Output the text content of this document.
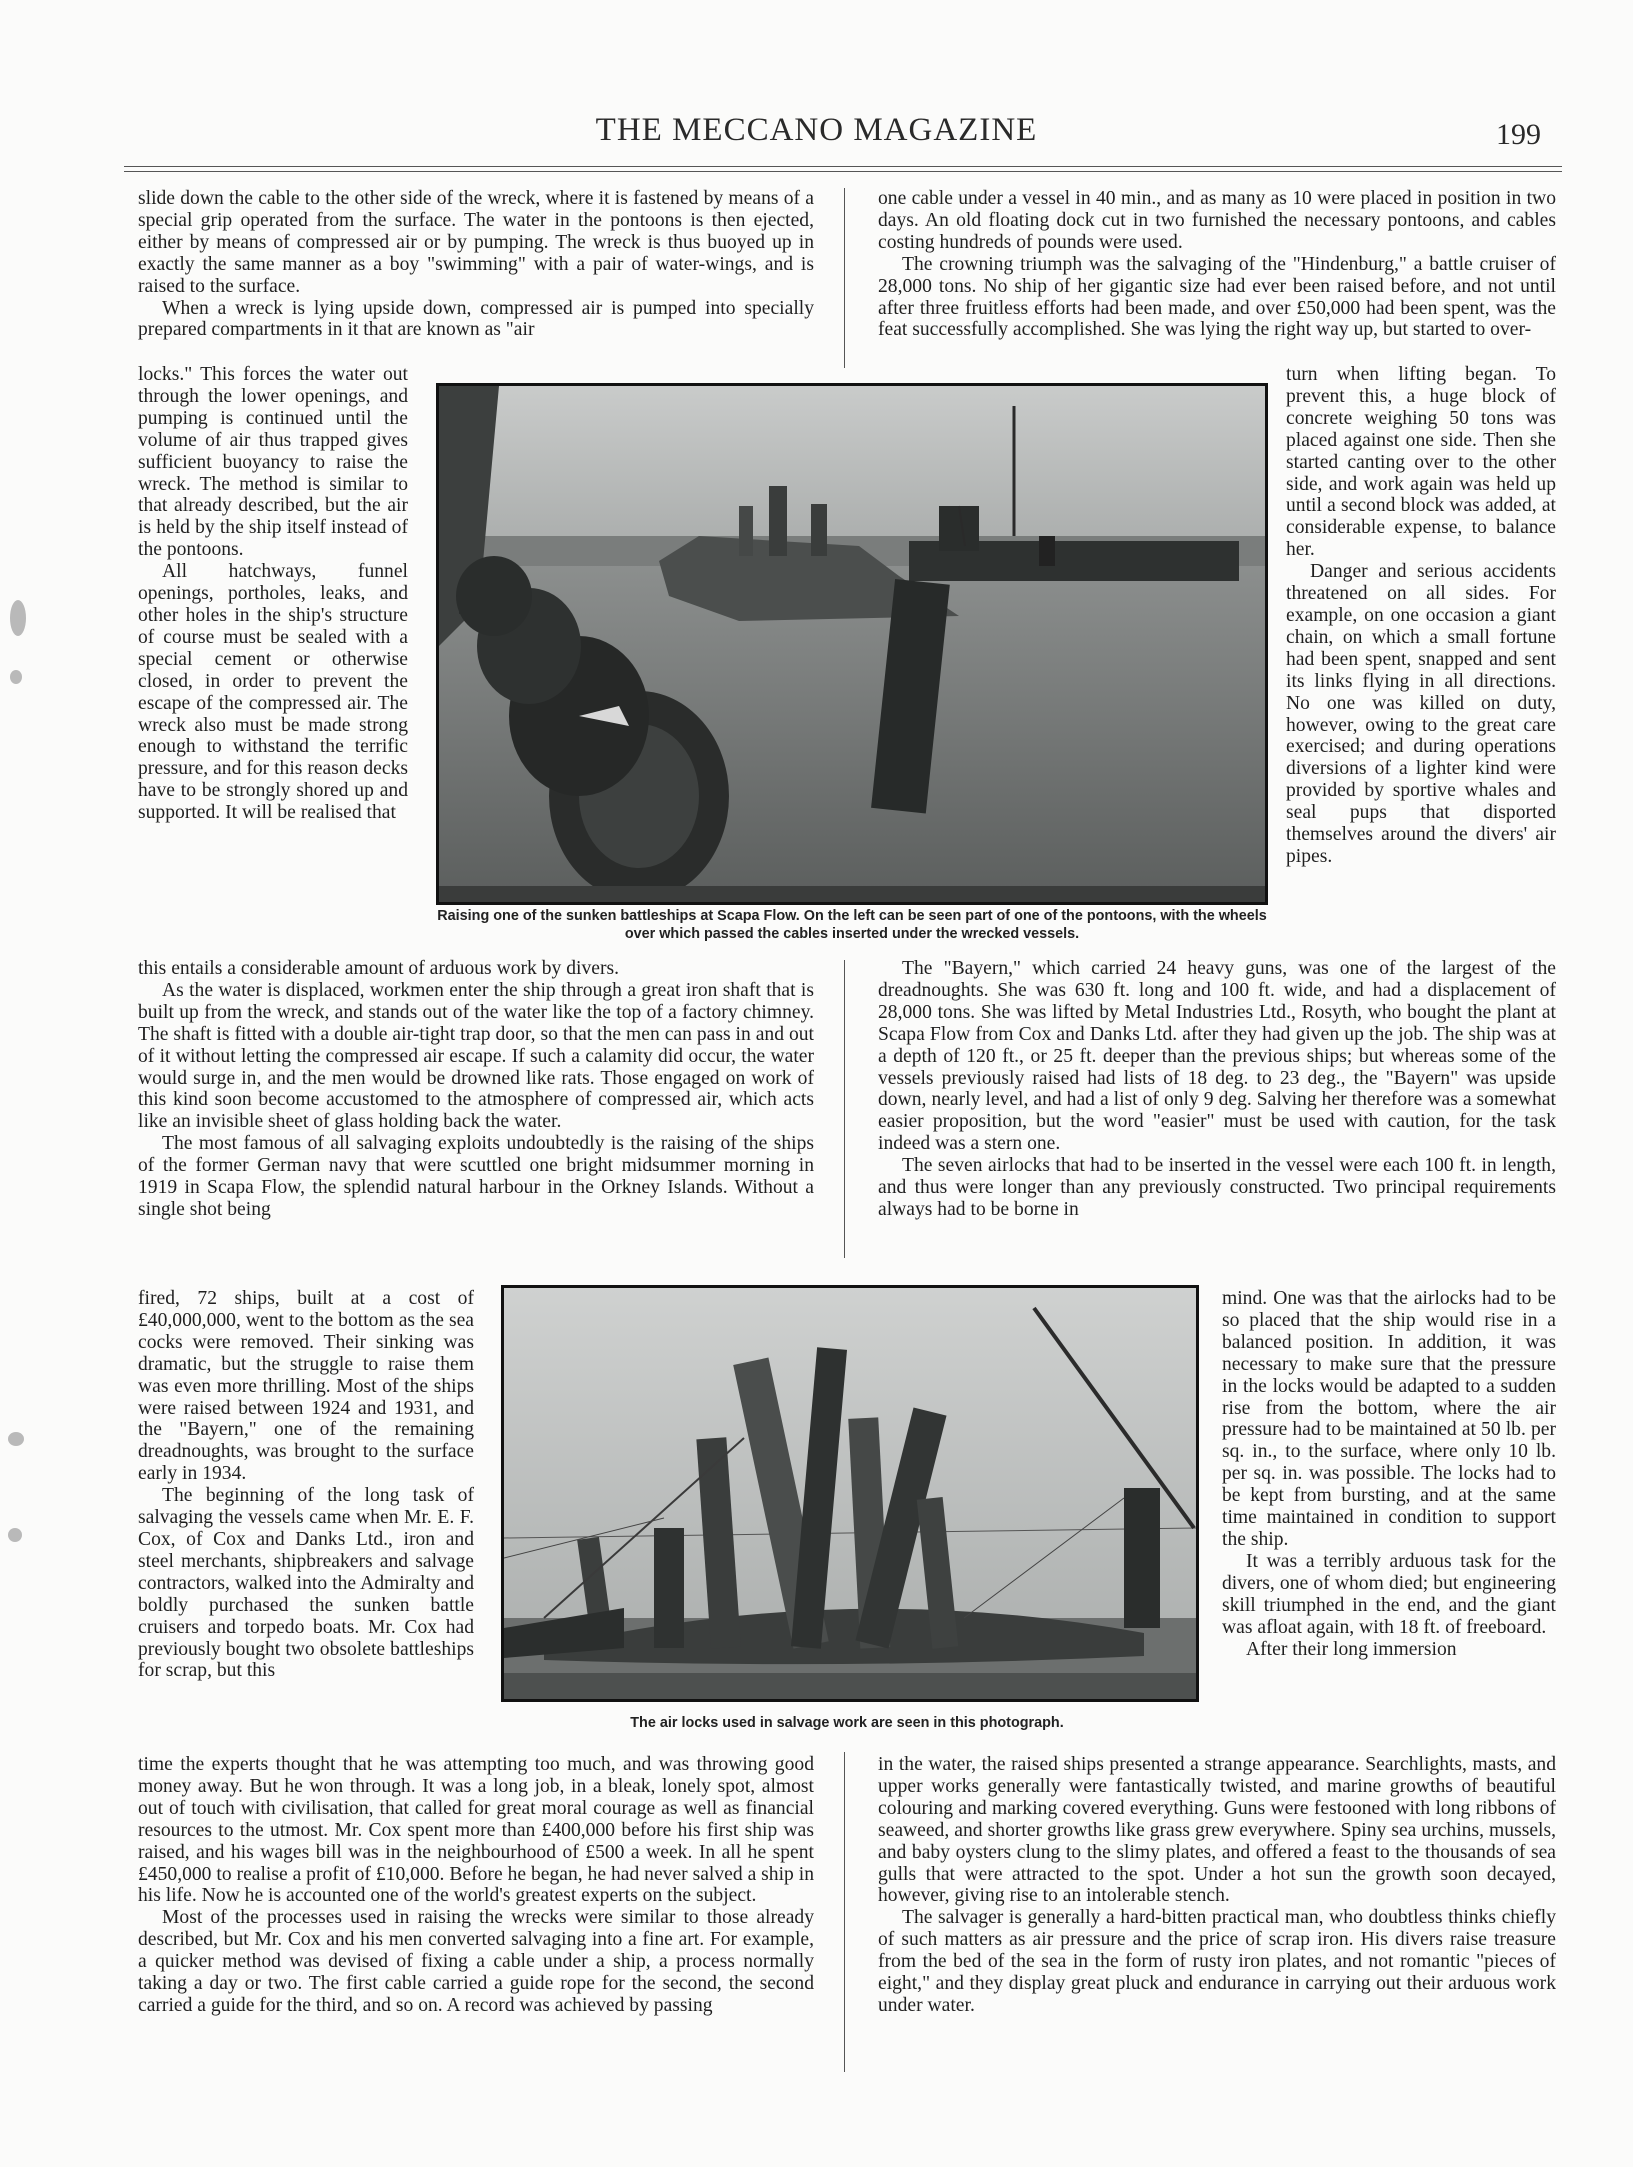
THE MECCANO MAGAZINE	199

slide down the cable to the other side of the wreck, where it is fastened by means of a special grip operated from the surface. The water in the pontoons is then ejected, either by means of compressed air or by pumping. The wreck is thus buoyed up in exactly the same manner as a boy "swimming" with a pair of water-wings, and is raised to the surface.

When a wreck is lying upside down, compressed air is pumped into specially prepared compartments in it that are known as "air

locks." This forces the water out through the lower openings, and pumping is continued until the volume of air thus trapped gives sufficient buoyancy to raise the wreck. The method is similar to that already described, but the air is held by the ship itself instead of the pontoons.

All hatchways, funnel openings, portholes, leaks, and other holes in the ship's structure of course must be sealed with a special cement or otherwise closed, in order to prevent the escape of the compressed air. The wreck also must be made strong enough to withstand the terrific pressure, and for this reason decks have to be strongly shored up and supported. It will be realised that

this entails a considerable amount of arduous work by divers.

As the water is displaced, workmen enter the ship through a great iron shaft that is built up from the wreck, and stands out of the water like the top of a factory chimney. The shaft is fitted with a double air-tight trap door, so that the men can pass in and out of it without letting the compressed air escape. If such a calamity did occur, the water would surge in, and the men would be drowned like rats. Those engaged on work of this kind soon become accustomed to the atmosphere of compressed air, which acts like an invisible sheet of glass holding back the water.

The most famous of all salvaging exploits undoubtedly is the raising of the ships of the former German navy that were scuttled one bright midsummer morning in 1919 in Scapa Flow, the splendid natural harbour in the Orkney Islands. Without a single shot being

fired, 72 ships, built at a cost of £40,000,000, went to the bottom as the sea cocks were removed. Their sinking was dramatic, but the struggle to raise them was even more thrilling. Most of the ships were raised between 1924 and 1931, and the "Bayern," one of the remaining dreadnoughts, was brought to the surface early in 1934.

The beginning of the long task of salvaging the vessels came when Mr. E. F. Cox, of Cox and Danks Ltd., iron and steel merchants, shipbreakers and salvage contractors, walked into the Admiralty and boldly purchased the sunken battle cruisers and torpedo boats. Mr. Cox had previously bought two obsolete battleships for scrap, but this

time the experts thought that he was attempting too much, and was throwing good money away. But he won through. It was a long job, in a bleak, lonely spot, almost out of touch with civilisation, that called for great moral courage as well as financial resources to the utmost. Mr. Cox spent more than £400,000 before his first ship was raised, and his wages bill was in the neighbourhood of £500 a week. In all he spent £450,000 to realise a profit of £10,000. Before he began, he had never salved a ship in his life. Now he is accounted one of the world's greatest experts on the subject.

Most of the processes used in raising the wrecks were similar to those already described, but Mr. Cox and his men converted salvaging into a fine art. For example, a quicker method was devised of fixing a cable under a ship, a process normally taking a day or two. The first cable carried a guide rope for the second, the second carried a guide for the third, and so on. A record was achieved by passing

one cable under a vessel in 40 min., and as many as 10 were placed in position in two days. An old floating dock cut in two furnished the necessary pontoons, and cables costing hundreds of pounds were used.

The crowning triumph was the salvaging of the "Hindenburg," a battle cruiser of 28,000 tons. No ship of her gigantic size had ever been raised before, and not until after three fruitless efforts had been made, and over £50,000 had been spent, was the feat successfully accomplished. She was lying the right way up, but started to over-

turn when lifting began. To prevent this, a huge block of concrete weighing 50 tons was placed against one side. Then she started canting over to the other side, and work again was held up until a second block was added, at considerable expense, to balance her.

Danger and serious accidents threatened on all sides. For example, on one occasion a giant chain, on which a small fortune had been spent, snapped and sent its links flying in all directions. No one was killed on duty, however, owing to the great care exercised; and during operations diversions of a lighter kind were provided by sportive whales and seal pups that disported themselves around the divers' air pipes.

The "Bayern," which carried 24 heavy guns, was one of the largest of the dreadnoughts. She was 630 ft. long and 100 ft. wide, and had a displacement of 28,000 tons. She was lifted by Metal Industries Ltd., Rosyth, who bought the plant at Scapa Flow from Cox and Danks Ltd. after they had given up the job. The ship was at a depth of 120 ft., or 25 ft. deeper than the previous ships; but whereas some of the vessels previously raised had lists of 18 deg. to 23 deg., the "Bayern" was upside down, nearly level, and had a list of only 9 deg. Salving her therefore was a somewhat easier proposition, but the word "easier" must be used with caution, for the task indeed was a stern one.

The seven airlocks that had to be inserted in the vessel were each 100 ft. in length, and thus were longer than any previously constructed. Two principal requirements always had to be borne in

mind. One was that the airlocks had to be so placed that the ship would rise in a balanced position. In addition, it was necessary to make sure that the pressure in the locks would be adapted to a sudden rise from the bottom, where the air pressure had to be maintained at 50 lb. per sq. in., to the surface, where only 10 lb. per sq. in. was possible. The locks had to be kept from bursting, and at the same time maintained in condition to support the ship.

It was a terribly arduous task for the divers, one of whom died; but engineering skill triumphed in the end, and the giant was afloat again, with 18 ft. of freeboard.

After their long immersion

in the water, the raised ships presented a strange appearance. Searchlights, masts, and upper works generally were fantastically twisted, and marine growths of beautiful colouring and marking covered everything. Guns were festooned with long ribbons of seaweed, and shorter growths like grass grew everywhere. Spiny sea urchins, mussels, and baby oysters clung to the slimy plates, and offered a feast to the thousands of sea gulls that were attracted to the spot. Under a hot sun the growth soon decayed, however, giving rise to an intolerable stench.

The salvager is generally a hard-bitten practical man, who doubtless thinks chiefly of such matters as air pressure and the price of scrap iron. His divers raise treasure from the bed of the sea in the form of rusty iron plates, and not romantic "pieces of eight," and they display great pluck and endurance in carrying out their arduous work under water.

Raising one of the sunken battleships at Scapa Flow. On the left can be seen part of one of the pontoons, with the wheels over which passed the cables inserted under the wrecked vessels.
The air locks used in salvage work are seen in this photograph.
